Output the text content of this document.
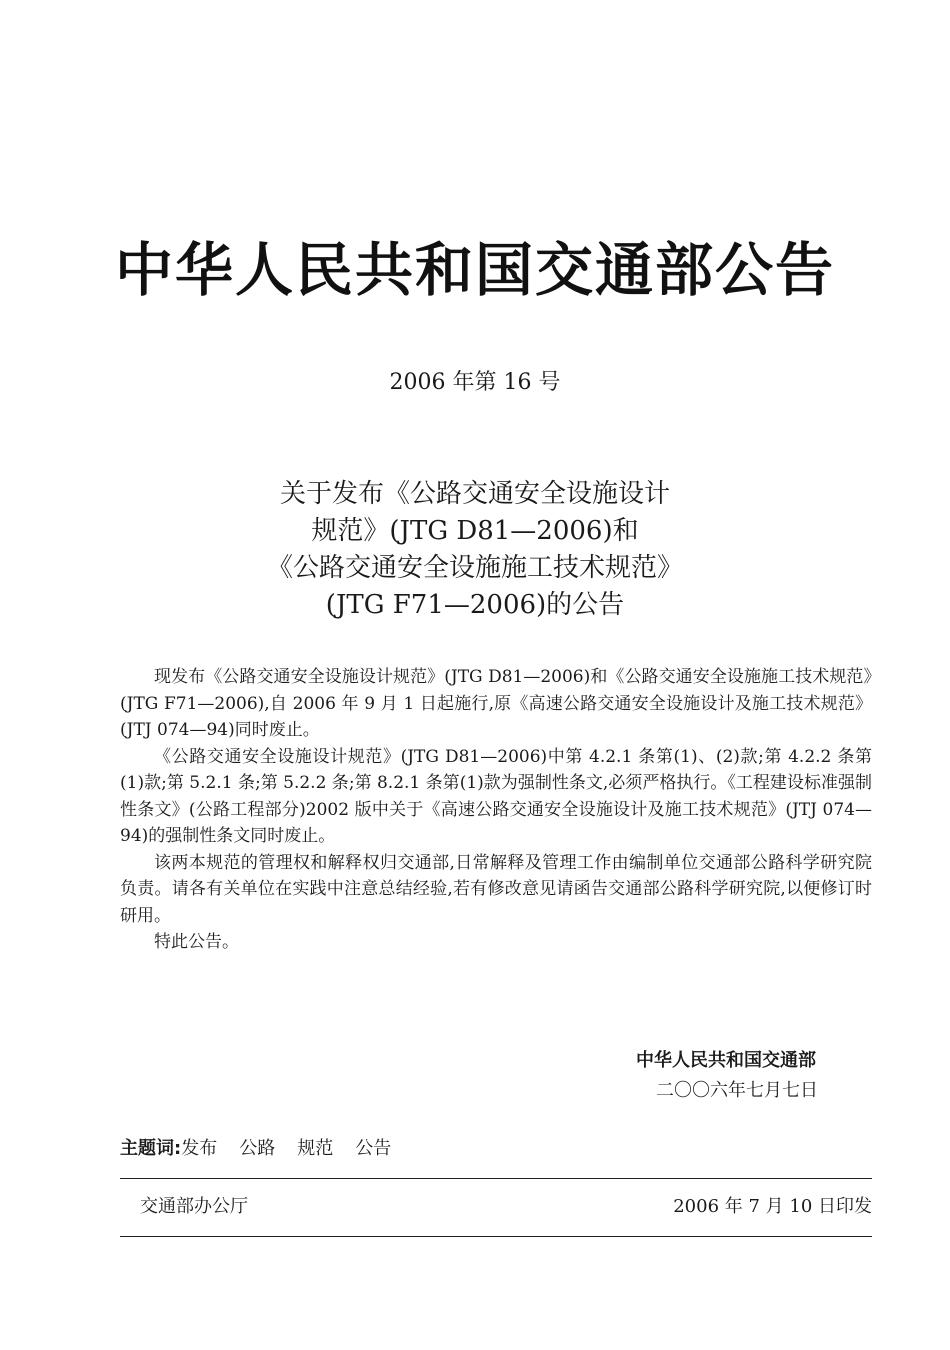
中华人民共和国交通部公告
2006 年第 16 号
关于发布《公路交通安全设施设计
规范》(JTG D81—2006)和
《公路交通安全设施施工技术规范》
(JTG F71—2006)的公告

现发布《公路交通安全设施设计规范》(JTG D81—2006)和《公路交通安全设施施工技术规范》(JTG F71—2006),自 2006 年 9 月 1 日起施行,原《高速公路交通安全设施设计及施工技术规范》(JTJ 074—94)同时废止。

《公路交通安全设施设计规范》(JTG D81—2006)中第 4.2.1 条第(1)、(2)款;第 4.2.2 条第(1)款;第 5.2.1 条;第 5.2.2 条;第 8.2.1 条第(1)款为强制性条文,必须严格执行。《工程建设标准强制性条文》(公路工程部分)2002 版中关于《高速公路交通安全设施设计及施工技术规范》(JTJ 074—94)的强制性条文同时废止。

该两本规范的管理权和解释权归交通部,日常解释及管理工作由编制单位交通部公路科学研究院负责。请各有关单位在实践中注意总结经验,若有修改意见请函告交通部公路科学研究院,以便修订时研用。

特此公告。

中华人民共和国交通部
二〇〇六年七月七日
主题词:发布 公路 规范 公告
交通部办公厅	2006 年 7 月 10 日印发
